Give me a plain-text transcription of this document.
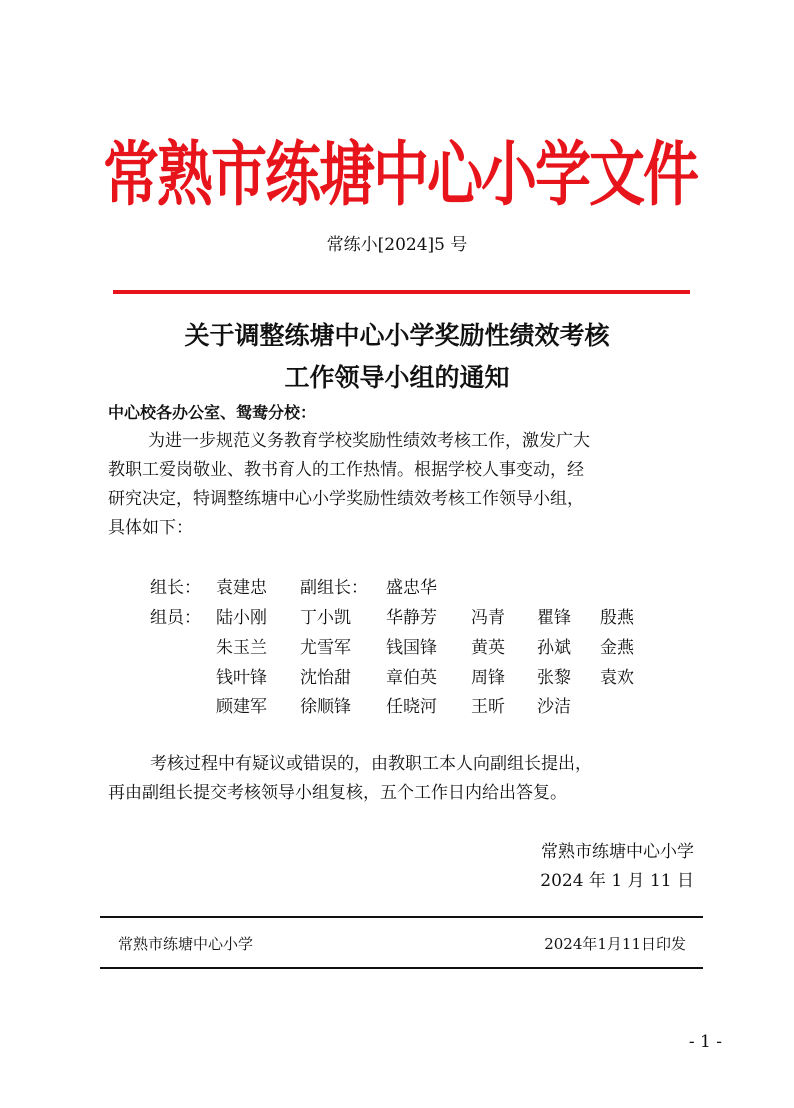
常熟市练塘中心小学文件
常练小[2024]5 号
关于调整练塘中心小学奖励性绩效考核
工作领导小组的通知
中心校各办公室、鸳鸯分校：
为进一步规范义务教育学校奖励性绩效考核工作，激发广大
教职工爱岗敬业、教书育人的工作热情。根据学校人事变动，经
研究决定，特调整练塘中心小学奖励性绩效考核工作领导小组，
具体如下：
组长： 袁建忠 副组长： 盛忠华
组员： 陆小刚 丁小凯 华静芳 冯青 瞿锋 殷燕
朱玉兰 尤雪军 钱国锋 黄英 孙斌 金燕
钱叶锋 沈怡甜 章伯英 周锋 张黎 袁欢
顾建军 徐顺锋 任晓河 王昕 沙洁
考核过程中有疑议或错误的，由教职工本人向副组长提出，
再由副组长提交考核领导小组复核，五个工作日内给出答复。
常熟市练塘中心小学
2024 年 1 月 11 日
常熟市练塘中心小学	2024年1月11日印发
- 1 -
